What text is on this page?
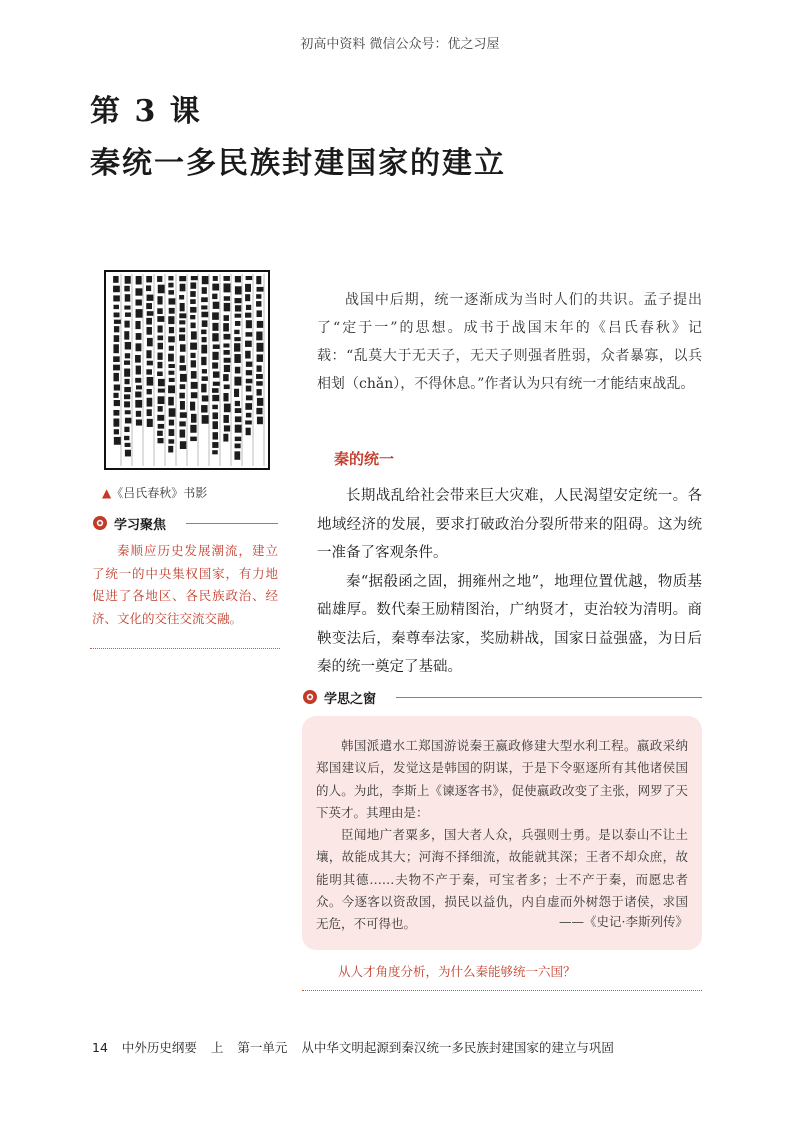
初高中资料 微信公众号：优之习屋
第 3 课
秦统一多民族封建国家的建立
▲《吕氏春秋》书影
学习聚焦
秦顺应历史发展潮流，建立了统一的中央集权国家，有力地促进了各地区、各民族政治、经济、文化的交往交流交融。

战国中后期，统一逐渐成为当时人们的共识。孟子提出了“定于一”的思想。成书于战国末年的《吕氏春秋》记载：“乱莫大于无天子，无天子则强者胜弱，众者暴寡，以兵相刬（chǎn），不得休息。”作者认为只有统一才能结束战乱。

秦的统一

长期战乱给社会带来巨大灾难，人民渴望安定统一。各地域经济的发展，要求打破政治分裂所带来的阻碍。这为统一准备了客观条件。

秦“据殽函之固，拥雍州之地”，地理位置优越，物质基础雄厚。数代秦王励精图治，广纳贤才，吏治较为清明。商鞅变法后，秦尊奉法家，奖励耕战，国家日益强盛，为日后秦的统一奠定了基础。

学思之窗

韩国派遣水工郑国游说秦王嬴政修建大型水利工程。嬴政采纳郑国建议后，发觉这是韩国的阴谋，于是下令驱逐所有其他诸侯国的人。为此，李斯上《谏逐客书》，促使嬴政改变了主张，网罗了天下英才。其理由是：

臣闻地广者粟多，国大者人众，兵强则士勇。是以泰山不让土壤，故能成其大；河海不择细流，故能就其深；王者不却众庶，故能明其德……夫物不产于秦，可宝者多；士不产于秦，而愿忠者众。今逐客以资敌国，损民以益仇，内自虚而外树怨于诸侯，求国无危，不可得也。	——《史记·李斯列传》
从人才角度分析，为什么秦能够统一六国？
14 中外历史纲要 上 第一单元 从中华文明起源到秦汉统一多民族封建国家的建立与巩固
